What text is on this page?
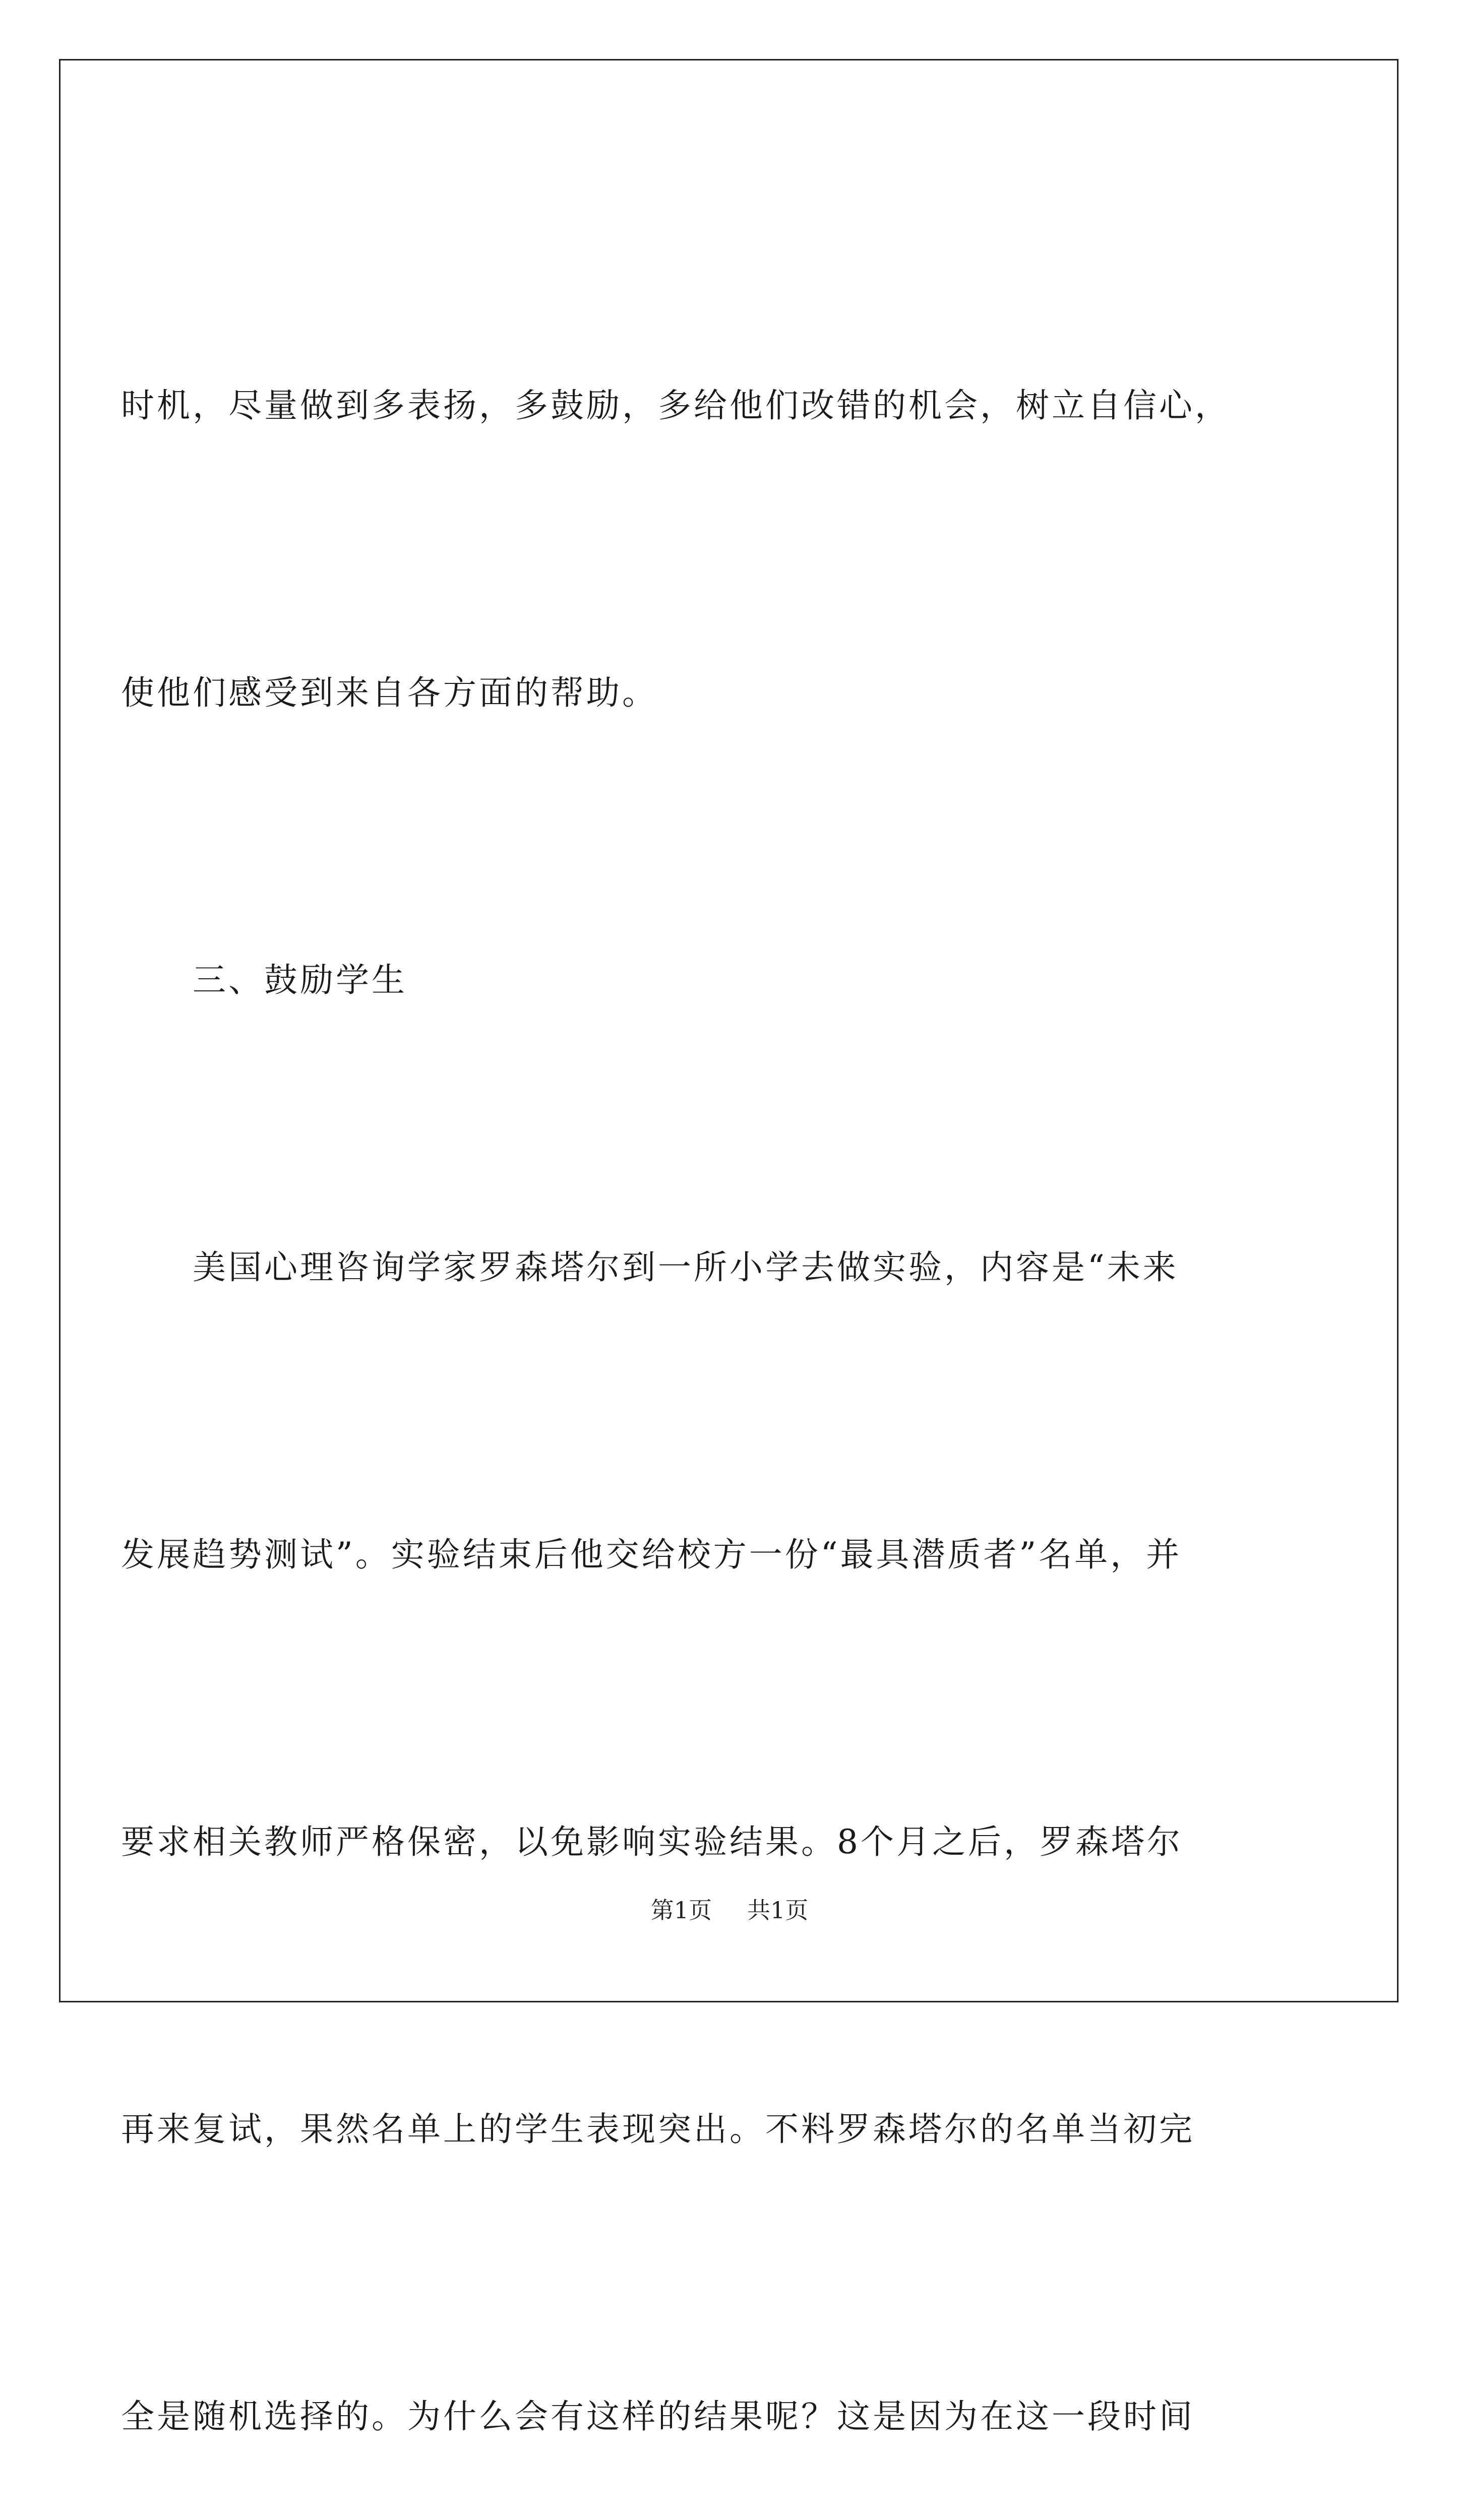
时机，尽量做到多表扬，多鼓励，多给他们改错的机会，树立自信心，

使他们感受到来自各方面的帮助。

　　三、鼓励学生

　　美国心理咨询学家罗森塔尔到一所小学去做实验，内容是“未来

发展趋势测试”。实验结束后他交给校方一份“最具潜质者”名单，并

要求相关教师严格保密，以免影响实验结果。8个月之后，罗森塔尔

再来复试，果然名单上的学生表现突出。不料罗森塔尔的名单当初完

全是随机选择的。为什么会有这样的结果呢？这是因为在这一段时间

第1页 共1页
